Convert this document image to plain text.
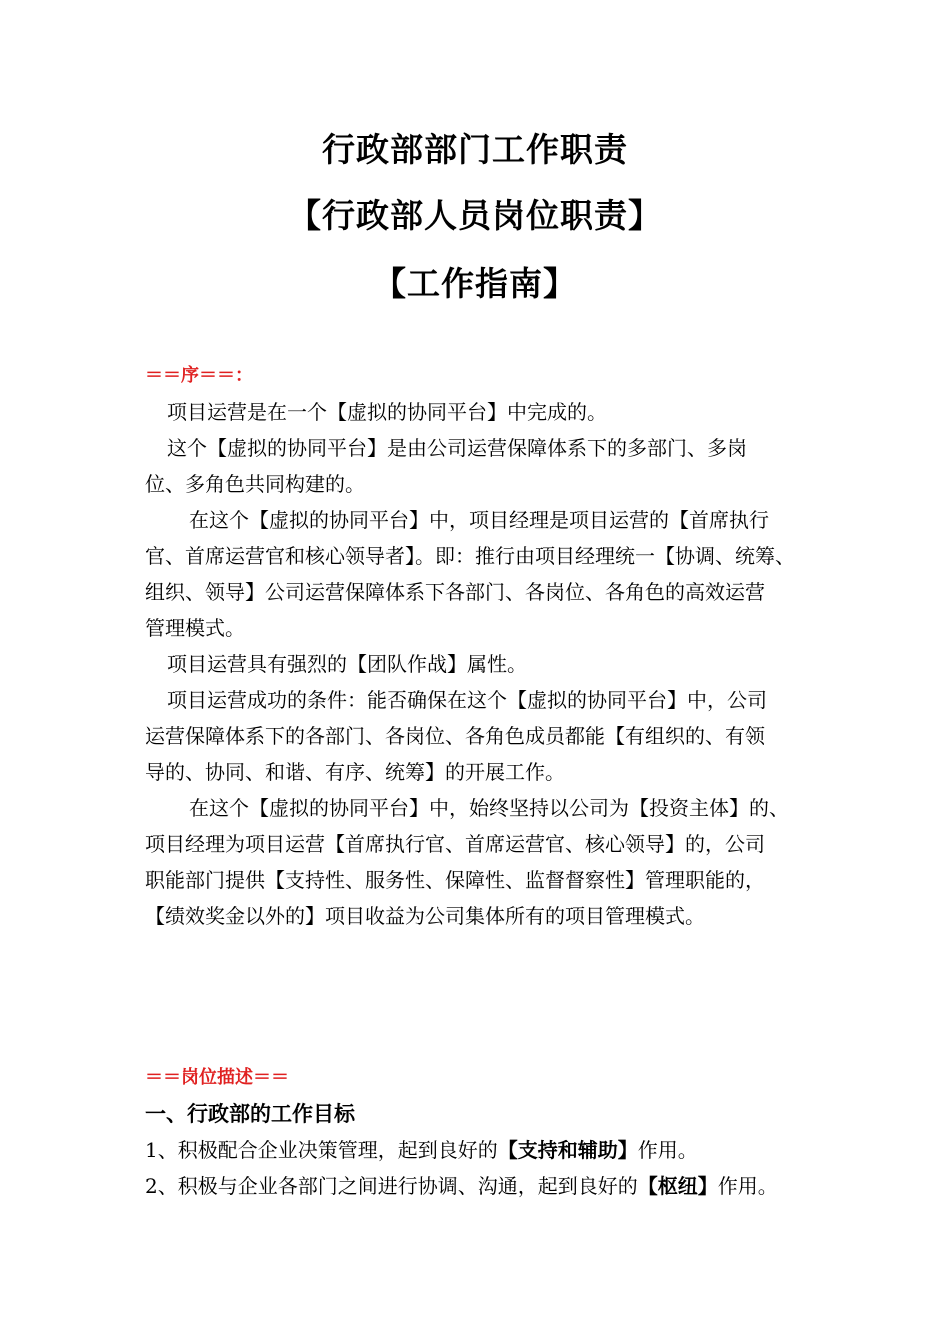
行政部部门工作职责
【行政部人员岗位职责】
【工作指南】
＝＝序＝＝：
项目运营是在一个【虚拟的协同平台】中完成的。
这个【虚拟的协同平台】是由公司运营保障体系下的多部门、多岗
位、多角色共同构建的。
在这个【虚拟的协同平台】中，项目经理是项目运营的【首席执行
官、首席运营官和核心领导者】。即：推行由项目经理统一【协调、统筹、
组织、领导】公司运营保障体系下各部门、各岗位、各角色的高效运营
管理模式。
项目运营具有强烈的【团队作战】属性。
项目运营成功的条件：能否确保在这个【虚拟的协同平台】中，公司
运营保障体系下的各部门、各岗位、各角色成员都能【有组织的、有领
导的、协同、和谐、有序、统筹】的开展工作。
在这个【虚拟的协同平台】中，始终坚持以公司为【投资主体】的、
项目经理为项目运营【首席执行官、首席运营官、核心领导】的，公司
职能部门提供【支持性、服务性、保障性、监督督察性】管理职能的，
【绩效奖金以外的】项目收益为公司集体所有的项目管理模式。
＝＝岗位描述＝＝
一、行政部的工作目标
1、积极配合企业决策管理，起到良好的【支持和辅助】作用。
2、积极与企业各部门之间进行协调、沟通，起到良好的【枢纽】作用。
